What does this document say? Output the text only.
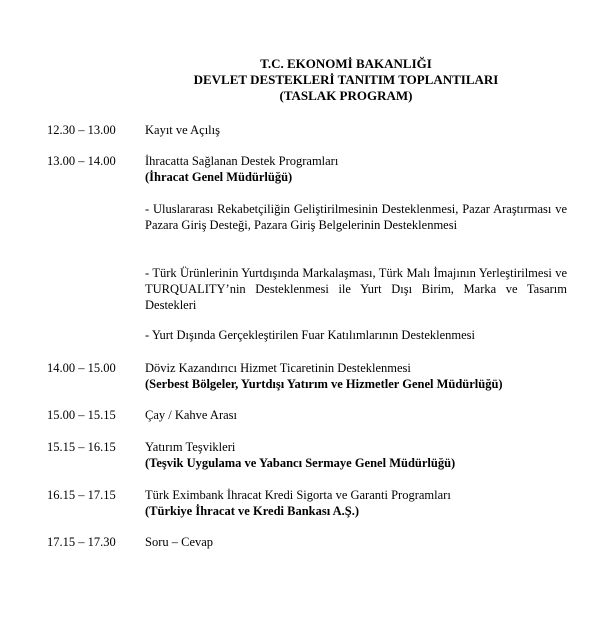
T.C. EKONOMİ BAKANLIĞI
DEVLET DESTEKLERİ TANITIM TOPLANTILARI
(TASLAK PROGRAM)
12.30 – 13.00	Kayıt ve Açılış
13.00 – 14.00	İhracatta Sağlanan Destek Programları
(İhracat Genel Müdürlüğü)

- Uluslararası Rekabetçiliğin Geliştirilmesinin Desteklenmesi, Pazar Araştırması ve Pazara Giriş Desteği, Pazara Giriş Belgelerinin Desteklenmesi

- Türk Ürünlerinin Yurtdışında Markalaşması, Türk Malı İmajının Yerleştirilmesi ve TURQUALITY’nin Desteklenmesi ile Yurt Dışı Birim, Marka ve Tasarım Destekleri

- Yurt Dışında Gerçekleştirilen Fuar Katılımlarının Desteklenmesi

14.00 – 15.00	Döviz Kazandırıcı Hizmet Ticaretinin Desteklenmesi
(Serbest Bölgeler, Yurtdışı Yatırım ve Hizmetler Genel Müdürlüğü)
15.00 – 15.15	Çay / Kahve Arası
15.15 – 16.15	Yatırım Teşvikleri
(Teşvik Uygulama ve Yabancı Sermaye Genel Müdürlüğü)
16.15 – 17.15	Türk Eximbank İhracat Kredi Sigorta ve Garanti Programları
(Türkiye İhracat ve Kredi Bankası A.Ş.)
17.15 – 17.30	Soru – Cevap
